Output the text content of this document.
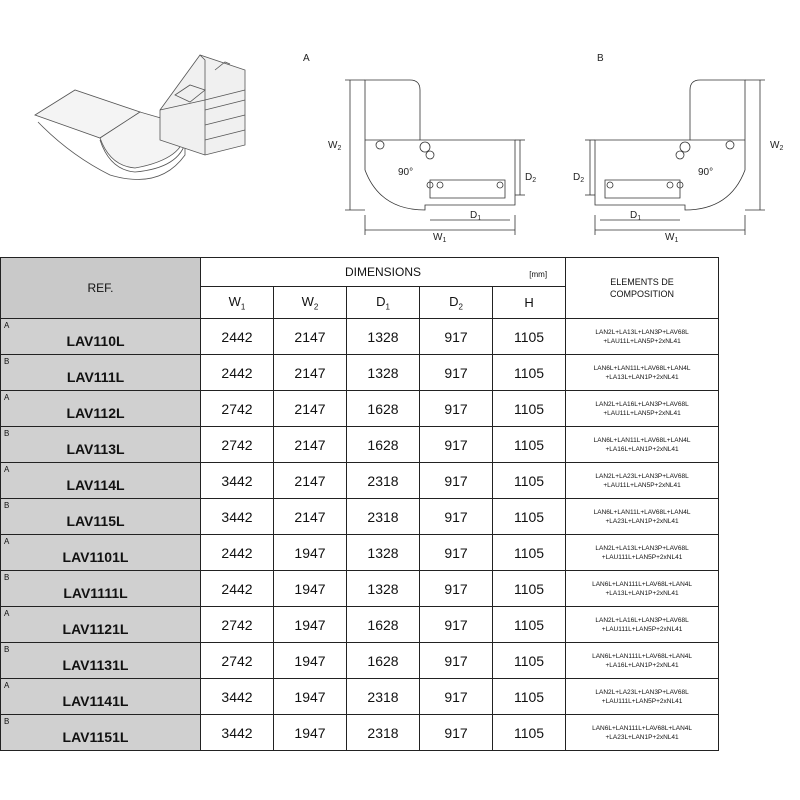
A	B
$W_2$
90°	$D_2$
$D_1$
$W_1$
$W_2$
90°
$D_2$
$D_1$
$W_1$
REF.	DIMENSIONS [mm]					ELEMENTS DE
COMPOSITION
	$W_1$	$W_2$	$D_1$	$D_2$	H	

A
LAV110L	2442	2147	1328	917	1105	LAN2L+LA13L+LAN3P+LAV68L
+LAU11L+LAN5P+2xNL41

B
LAV111L	2442	2147	1328	917	1105	LAN6L+LAN11L+LAV68L+LAN4L
+LA13L+LAN1P+2xNL41

A
LAV112L	2742	2147	1628	917	1105	LAN2L+LA16L+LAN3P+LAV68L
+LAU11L+LAN5P+2xNL41

B
LAV113L	2742	2147	1628	917	1105	LAN6L+LAN11L+LAV68L+LAN4L
+LA16L+LAN1P+2xNL41

A
LAV114L	3442	2147	2318	917	1105	LAN2L+LA23L+LAN3P+LAV68L
+LAU11L+LAN5P+2xNL41

B
LAV115L	3442	2147	2318	917	1105	LAN6L+LAN11L+LAV68L+LAN4L
+LA23L+LAN1P+2xNL41

A
LAV1101L	2442	1947	1328	917	1105	LAN2L+LA13L+LAN3P+LAV68L
+LAU111L+LAN5P+2xNL41

B
LAV1111L	2442	1947	1328	917	1105	LAN6L+LAN111L+LAV68L+LAN4L
+LA13L+LAN1P+2xNL41

A
LAV1121L	2742	1947	1628	917	1105	LAN2L+LA16L+LAN3P+LAV68L
+LAU111L+LAN5P+2xNL41

B
LAV1131L	2742	1947	1628	917	1105	LAN6L+LAN111L+LAV68L+LAN4L
+LA16L+LAN1P+2xNL41

A
LAV1141L	3442	1947	2318	917	1105	LAN2L+LA23L+LAN3P+LAV68L
+LAU111L+LAN5P+2xNL41

B
LAV1151L	3442	1947	2318	917	1105	LAN6L+LAN111L+LAV68L+LAN4L
+LA23L+LAN1P+2xNL41
